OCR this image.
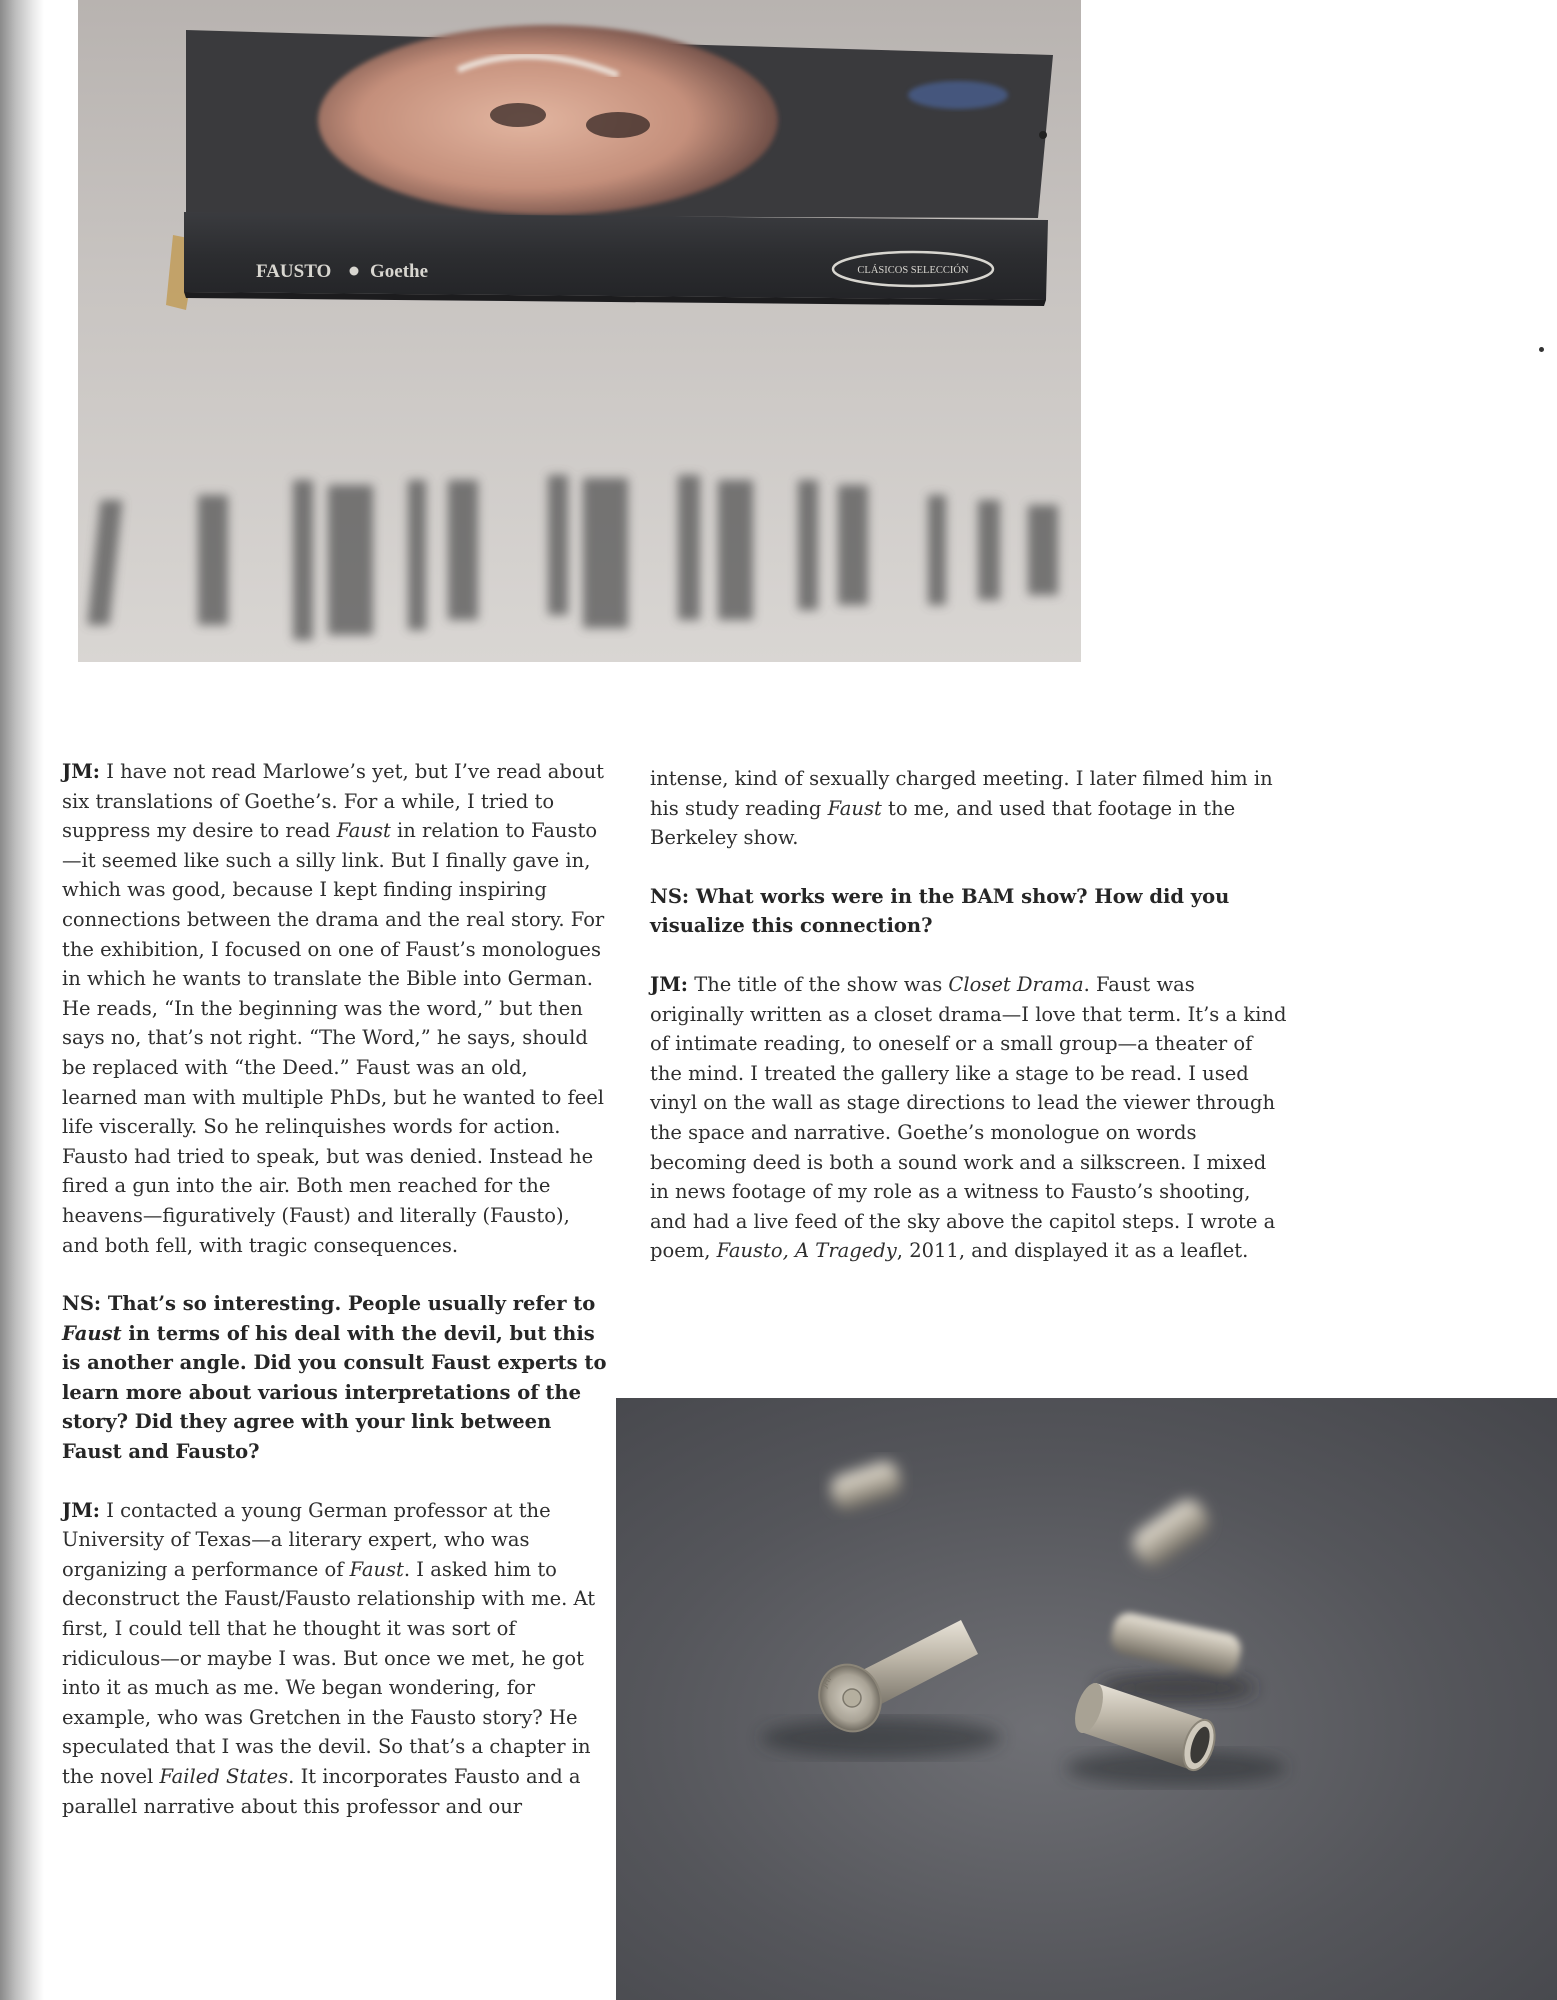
FAUSTO Goethe	CLÁSICOS SELECCIÓN

JM: I have not read Marlowe’s yet, but I’ve read about six translations of Goethe’s. For a while, I tried to suppress my desire to read Faust in relation to Fausto—it seemed like such a silly link. But I finally gave in, which was good, because I kept finding inspiring connections between the drama and the real story. For the exhibition, I focused on one of Faust’s monologues in which he wants to translate the Bible into German. He reads, “In the beginning was the word,” but then says no, that’s not right. “The Word,” he says, should be replaced with “the Deed.” Faust was an old, learned man with multiple PhDs, but he wanted to feel life viscerally. So he relinquishes words for action. Fausto had tried to speak, but was denied. Instead he fired a gun into the air. Both men reached for the heavens—figuratively (Faust) and literally (Fausto), and both fell, with tragic consequences.

NS: That’s so interesting. People usually refer to Faust in terms of his deal with the devil, but this is another angle. Did you consult Faust experts to learn more about various interpretations of the story? Did they agree with your link between Faust and Fausto?

JM: I contacted a young German professor at the University of Texas—a literary expert, who was organizing a performance of Faust. I asked him to deconstruct the Faust/Fausto relationship with me. At first, I could tell that he thought it was sort of ridiculous—or maybe I was. But once we met, he got into it as much as me. We began wondering, for example, who was Gretchen in the Fausto story? He speculated that I was the devil. So that’s a chapter in the novel Failed States. It incorporates Fausto and a parallel narrative about this professor and our

intense, kind of sexually charged meeting. I later filmed him in his study reading Faust to me, and used that footage in the Berkeley show.

NS: What works were in the BAM show? How did you visualize this connection?

JM: The title of the show was Closet Drama. Faust was originally written as a closet drama—I love that term. It’s a kind of intimate reading, to oneself or a small group—a theater of the mind. I treated the gallery like a stage to be read. I used vinyl on the wall as stage directions to lead the viewer through the space and narrative. Goethe’s monologue on words becoming deed is both a sound work and a silkscreen. I mixed in news footage of my role as a witness to Fausto’s shooting, and had a live feed of the sky above the capitol steps. I wrote a poem, Fausto, A Tragedy, 2011, and displayed it as a leaflet.

JHP
